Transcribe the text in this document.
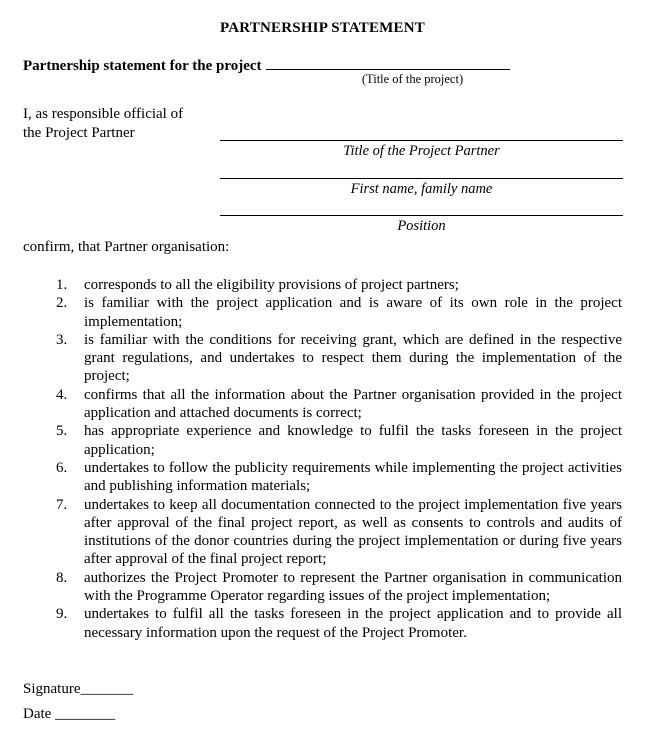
PARTNERSHIP STATEMENT
Partnership statement for the project
(Title of the project)
I, as responsible official of
the Project Partner
Title of the Project Partner
First name, family name
Position
confirm, that Partner organisation:
1. corresponds to all the eligibility provisions of project partners;
2. is familiar with the project application and is aware of its own role in the project implementation;
3. is familiar with the conditions for receiving grant, which are defined in the respective grant regulations, and undertakes to respect them during the implementation of the project;
4. confirms that all the information about the Partner organisation provided in the project application and attached documents is correct;
5. has appropriate experience and knowledge to fulfil the tasks foreseen in the project application;
6. undertakes to follow the publicity requirements while implementing the project activities and publishing information materials;
7. undertakes to keep all documentation connected to the project implementation five years after approval of the final project report, as well as consents to controls and audits of institutions of the donor countries during the project implementation or during five years after approval of the final project report;
8. authorizes the Project Promoter to represent the Partner organisation in communication with the Programme Operator regarding issues of the project implementation;
9. undertakes to fulfil all the tasks foreseen in the project application and to provide all necessary information upon the request of the Project Promoter.
Signature_______
Date ________
